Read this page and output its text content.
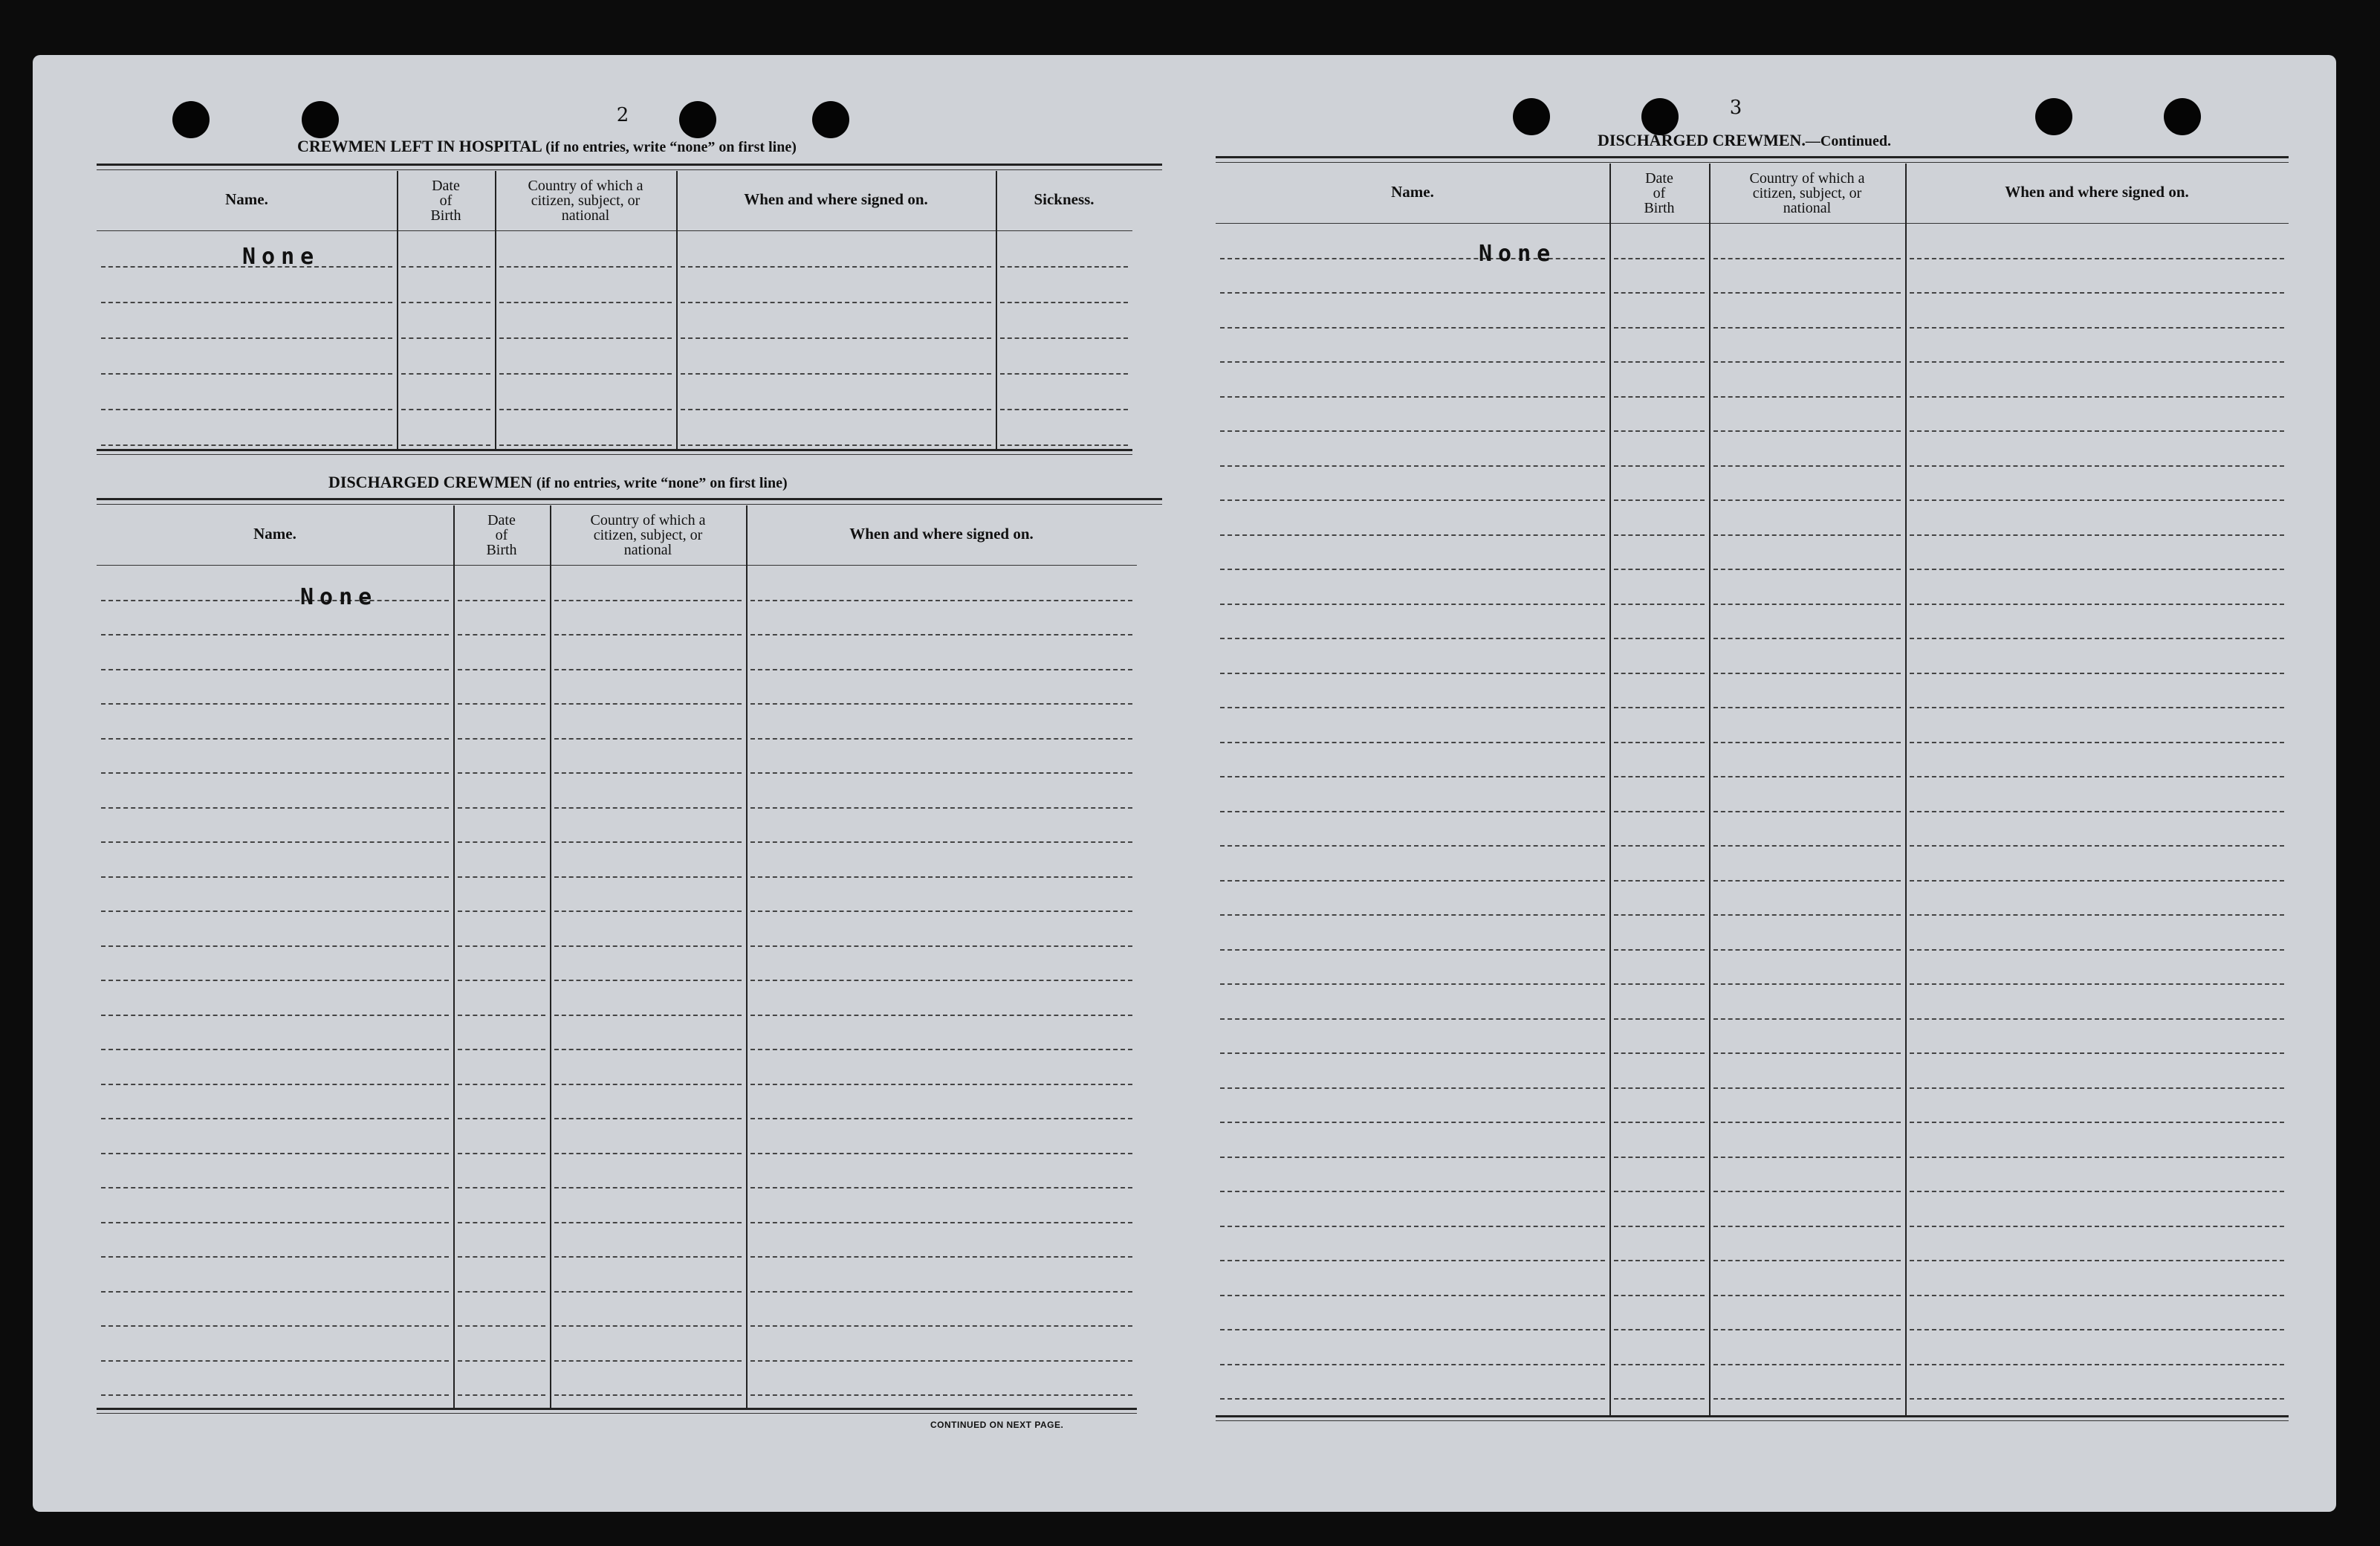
2
CREWMEN LEFT IN HOSPITAL (if no entries, write “none” on first line)
Name.
Date
of
Birth
Country of which a
citizen, subject, or
national
When and where signed on.	Sickness.
None
DISCHARGED CREWMEN (if no entries, write “none” on first line)
Name.
Date
of
Birth
Country of which a
citizen, subject, or
national
When and where signed on.
None
CONTINUED ON NEXT PAGE.
3
DISCHARGED CREWMEN.—Continued.
Name.
Date
of
Birth
Country of which a
citizen, subject, or
national
When and where signed on.
None
